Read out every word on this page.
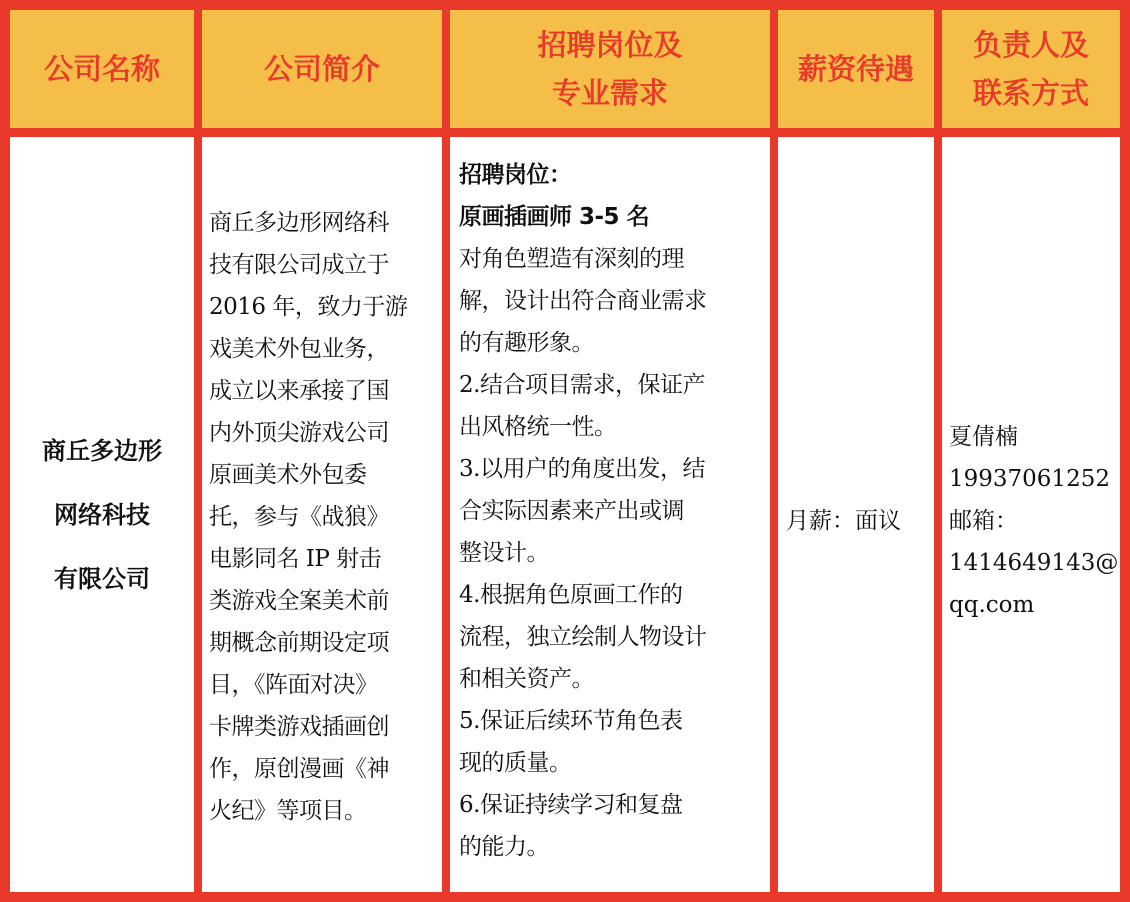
公司名称	公司简介
招聘岗位及
专业需求
薪资待遇
负责人及
联系方式
商丘多边形
网络科技
有限公司
商丘多边形网络科
技有限公司成立于
2016 年，致力于游
戏美术外包业务，
成立以来承接了国
内外顶尖游戏公司
原画美术外包委
托，参与《战狼》
电影同名 IP 射击
类游戏全案美术前
期概念前期设定项
目，《阵面对决》
卡牌类游戏插画创
作，原创漫画《神
火纪》等项目。
招聘岗位：
原画插画师 3-5 名
对角色塑造有深刻的理
解，设计出符合商业需求
的有趣形象。
2.结合项目需求，保证产
出风格统一性。
3.以用户的角度出发，结
合实际因素来产出或调
整设计。
4.根据角色原画工作的
流程，独立绘制人物设计
和相关资产。
5.保证后续环节角色表
现的质量。
6.保证持续学习和复盘
的能力。
月薪：面议
夏倩楠
19937061252
邮箱：
1414649143@
qq.com
